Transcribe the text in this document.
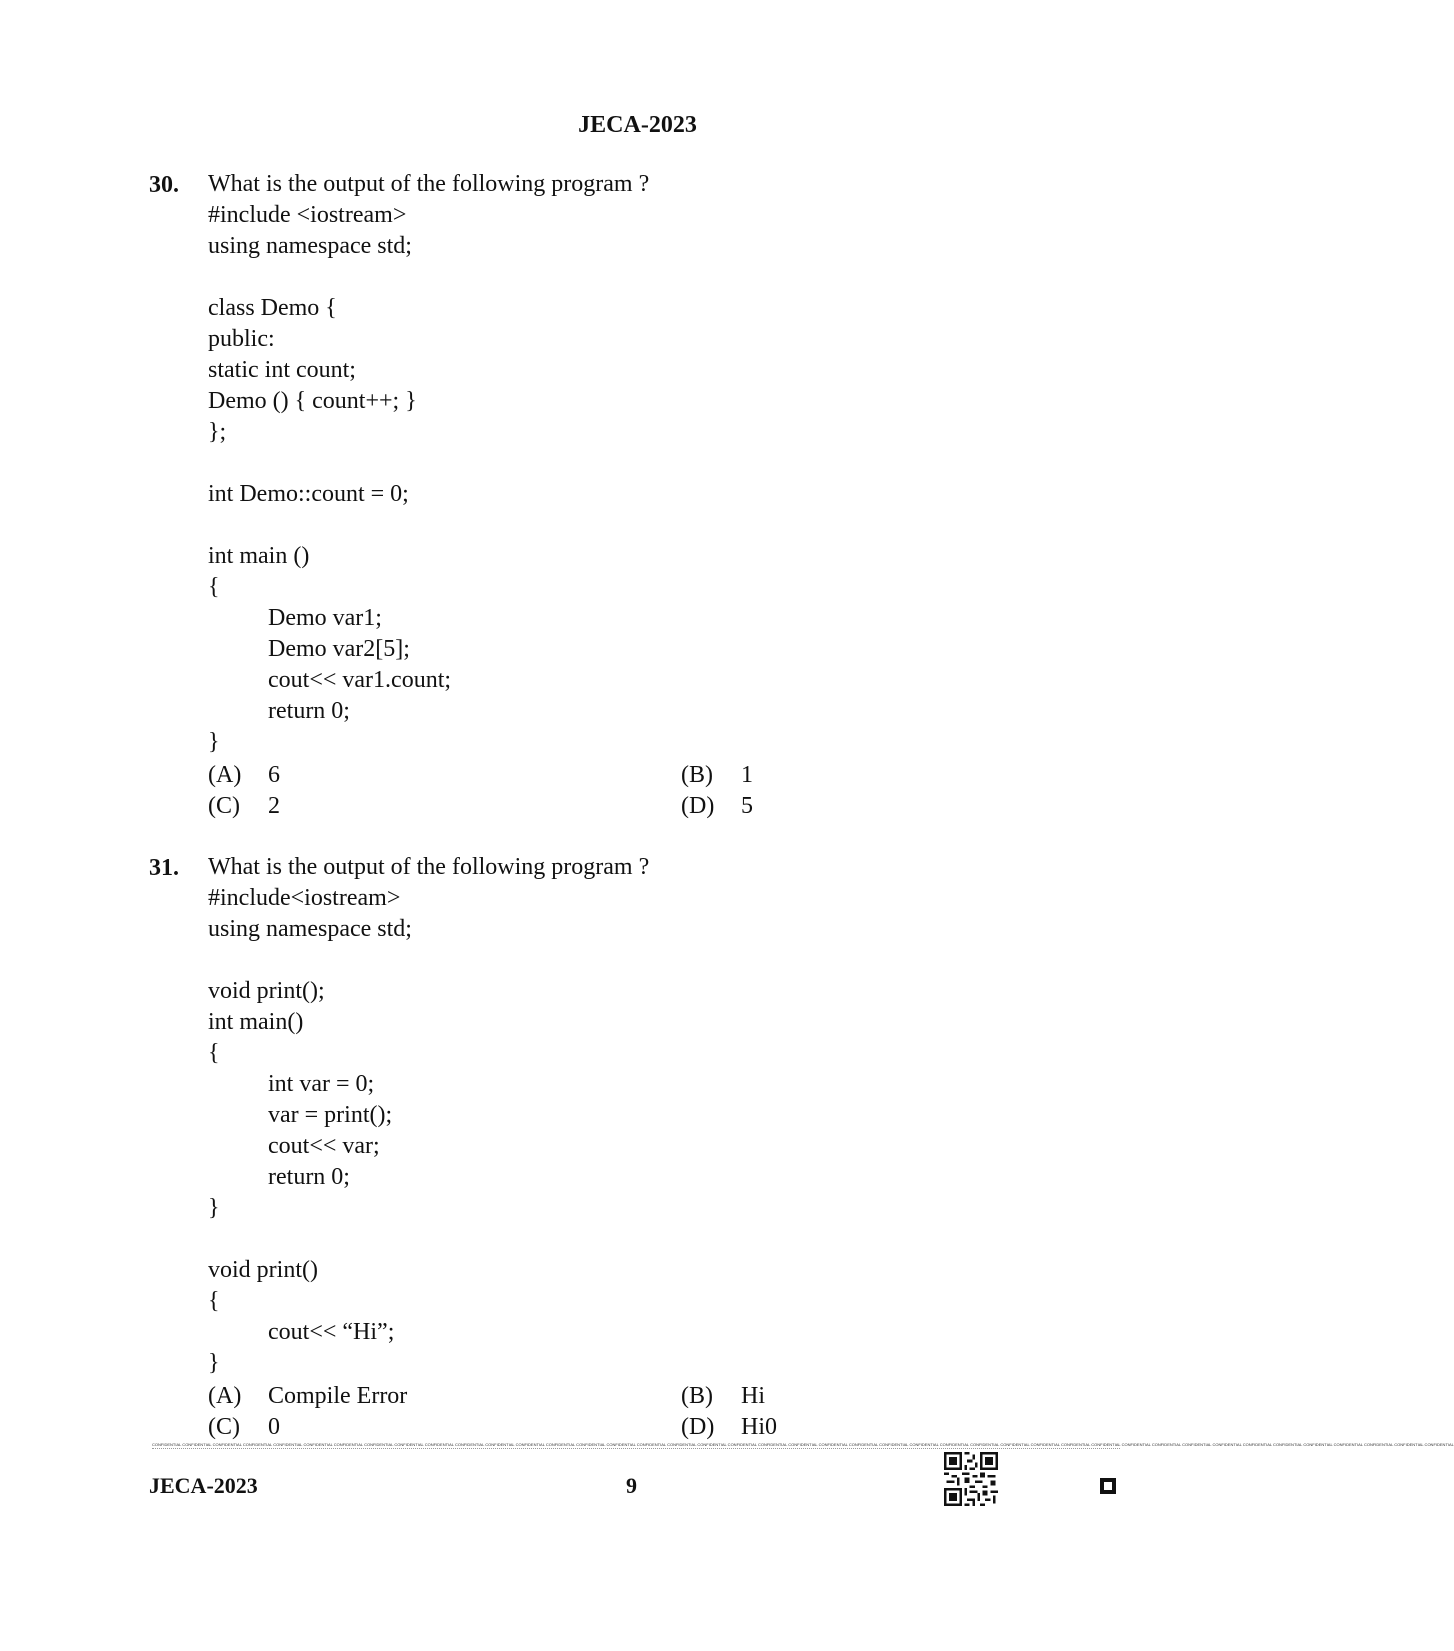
JECA-2023
30. What is the output of the following program ?
#include <iostream>
using namespace std;
class Demo {
public:
static int count;
Demo () { count++; }
};
int Demo::count = 0;
int main ()
{
Demo var1;
Demo var2[5];
cout<< var1.count;
return 0;
}
(A) 6	(B) 1
(C) 2	(D) 5
31. What is the output of the following program ?
#include<iostream>
using namespace std;
void print();
int main()
{
int var = 0;
var = print();
cout<< var;
return 0;
}
void print()
{
cout<< “Hi”;
}
(A) Compile Error	(B) Hi
(C) 0	(D) Hi0
CONFIDENTIAL CONFIDENTIAL CONFIDENTIAL CONFIDENTIAL CONFIDENTIAL CONFIDENTIAL CONFIDENTIAL CONFIDENTIAL CONFIDENTIAL CONFIDENTIAL CONFIDENTIAL CONFIDENTIAL CONFIDENTIAL CONFIDENTIAL CONFIDENTIAL CONFIDENTIAL CONFIDENTIAL CONFIDENTIAL CONFIDENTIAL CONFIDENTIAL CONFIDENTIAL CONFIDENTIAL CONFIDENTIAL CONFIDENTIAL CONFIDENTIAL CONFIDENTIAL CONFIDENTIAL CONFIDENTIAL CONFIDENTIAL CONFIDENTIAL CONFIDENTIAL CONFIDENTIAL CONFIDENTIAL CONFIDENTIAL CONFIDENTIAL CONFIDENTIAL CONFIDENTIAL CONFIDENTIAL CONFIDENTIAL CONFIDENTIAL CONFIDENTIAL CONFIDENTIAL CONFIDENTIAL
JECA-2023	9
